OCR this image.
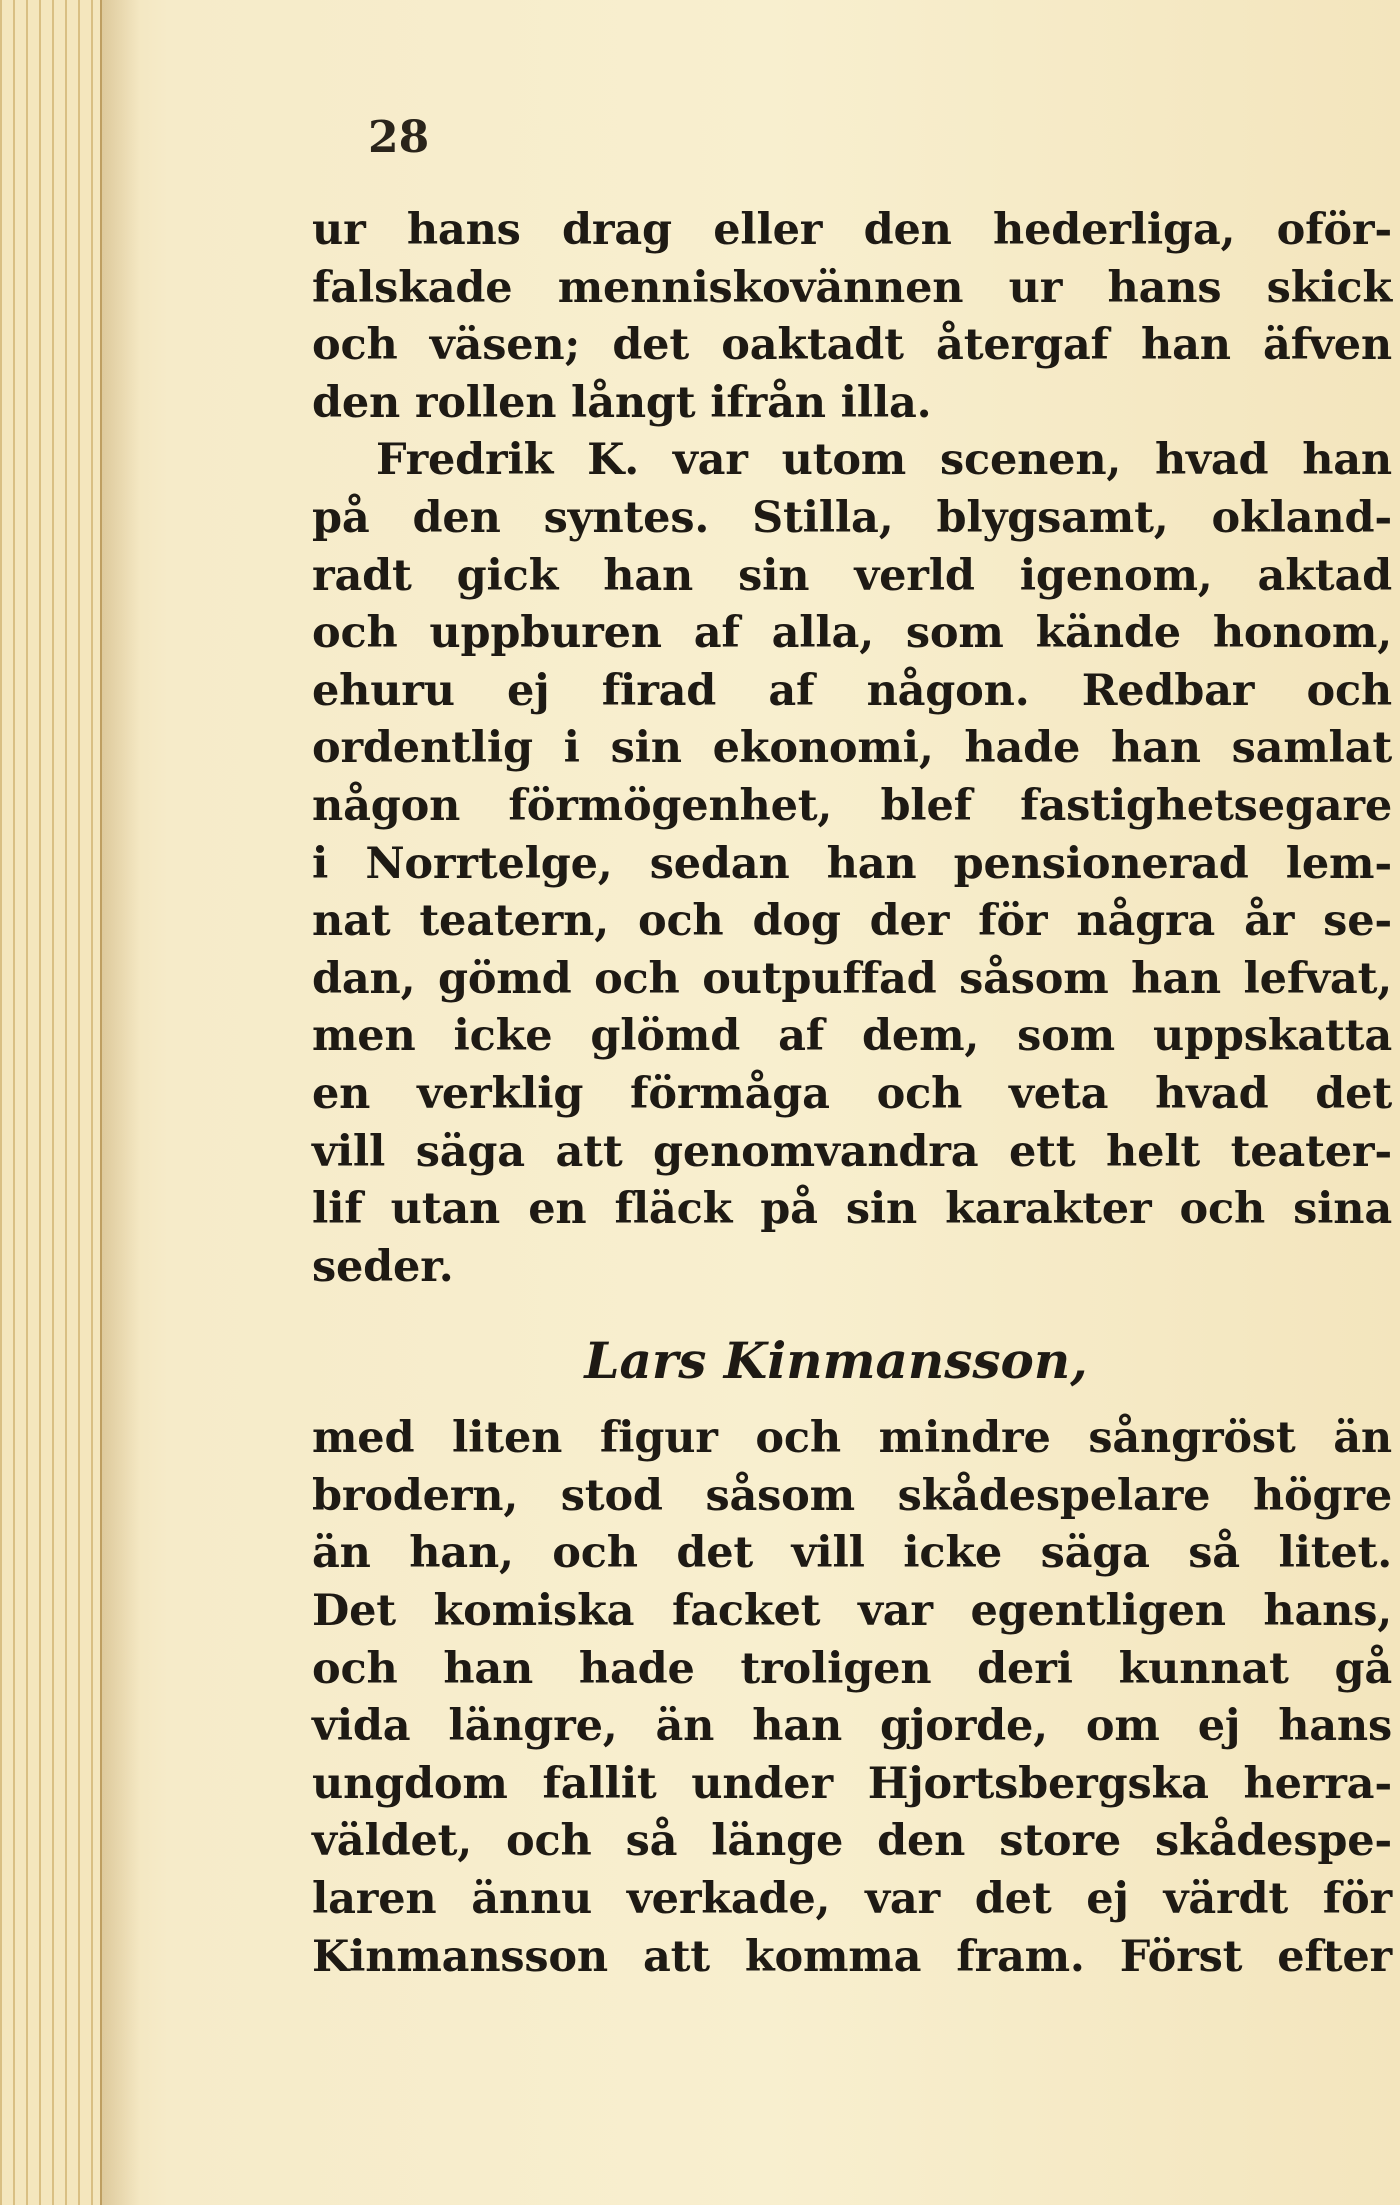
28
ur hans drag eller den hederliga, oför-
falskade menniskovännen ur hans skick
och väsen; det oaktadt återgaf han äfven
den rollen långt ifrån illa.
Fredrik K. var utom scenen, hvad han
på den syntes. Stilla, blygsamt, okland-
radt gick han sin verld igenom, aktad
och uppburen af alla, som kände honom,
ehuru ej firad af någon. Redbar och
ordentlig i sin ekonomi, hade han samlat
någon förmögenhet, blef fastighetsegare
i Norrtelge, sedan han pensionerad lem-
nat teatern, och dog der för några år se-
dan, gömd och outpuffad såsom han lefvat,
men icke glömd af dem, som uppskatta
en verklig förmåga och veta hvad det
vill säga att genomvandra ett helt teater-
lif utan en fläck på sin karakter och sina
seder.
Lars Kinmansson,
med liten figur och mindre sångröst än
brodern, stod såsom skådespelare högre
än han, och det vill icke säga så litet.
Det komiska facket var egentligen hans,
och han hade troligen deri kunnat gå
vida längre, än han gjorde, om ej hans
ungdom fallit under Hjortsbergska herra-
väldet, och så länge den store skådespe-
laren ännu verkade, var det ej värdt för
Kinmansson att komma fram. Först efter
